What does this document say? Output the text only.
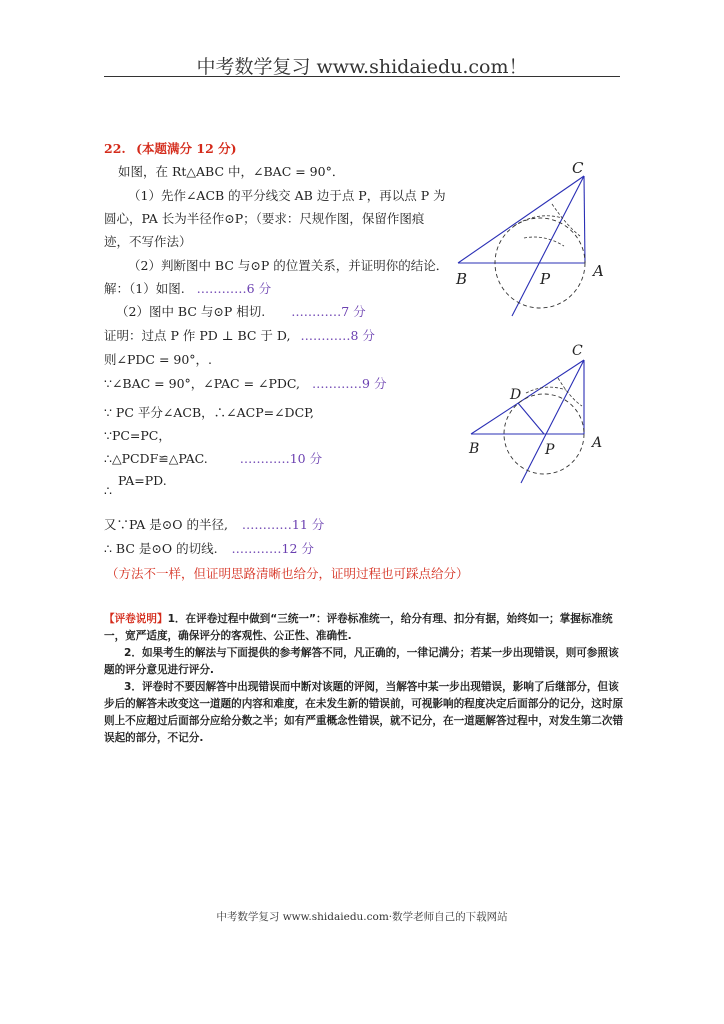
中考数学复习 www.shidaiedu.com！
22. (本题满分 12 分)
如图，在 Rt△ABC 中，∠BAC = 90°．
（1）先作∠ACB 的平分线交 AB 边于点 P，再以点 P 为
圆心，PA 长为半径作⊙P；（要求：尺规作图，保留作图痕
迹，不写作法）
（2）判断图中 BC 与⊙P 的位置关系，并证明你的结论．
解：（1）如图. …………6 分
（2）图中 BC 与⊙P 相切. …………7 分
证明：过点 P 作 PD ⊥ BC 于 D, …………8 分
则∠PDC = 90°，.
∵∠BAC = 90°，∠PAC = ∠PDC, …………9 分
∵ PC 平分∠ACB，∴∠ACP=∠DCP,
∵PC=PC，
∴△PCDF≌△PAC.	…………10 分
∴ PA=PD.
又∵PA 是⊙O 的半径, …………11 分
∴ BC 是⊙O 的切线. …………12 分
（方法不一样，但证明思路清晰也给分，证明过程也可踩点给分）
C
B	P	A
C
D
B	P	A

【评卷说明】1．在评卷过程中做到“三统一”：评卷标准统一，给分有理、扣分有据，始终如一；掌握标准统一，宽严适度，确保评分的客观性、公正性、准确性.

2．如果考生的解法与下面提供的参考解答不同，凡正确的，一律记满分；若某一步出现错误，则可参照该题的评分意见进行评分.

3．评卷时不要因解答中出现错误而中断对该题的评阅，当解答中某一步出现错误，影响了后继部分，但该步后的解答未改变这一道题的内容和难度，在未发生新的错误前，可视影响的程度决定后面部分的记分，这时原则上不应超过后面部分应给分数之半；如有严重概念性错误，就不记分，在一道题解答过程中，对发生第二次错误起的部分，不记分.

中考数学复习 www.shidaiedu.com·数学老师自己的下载网站
